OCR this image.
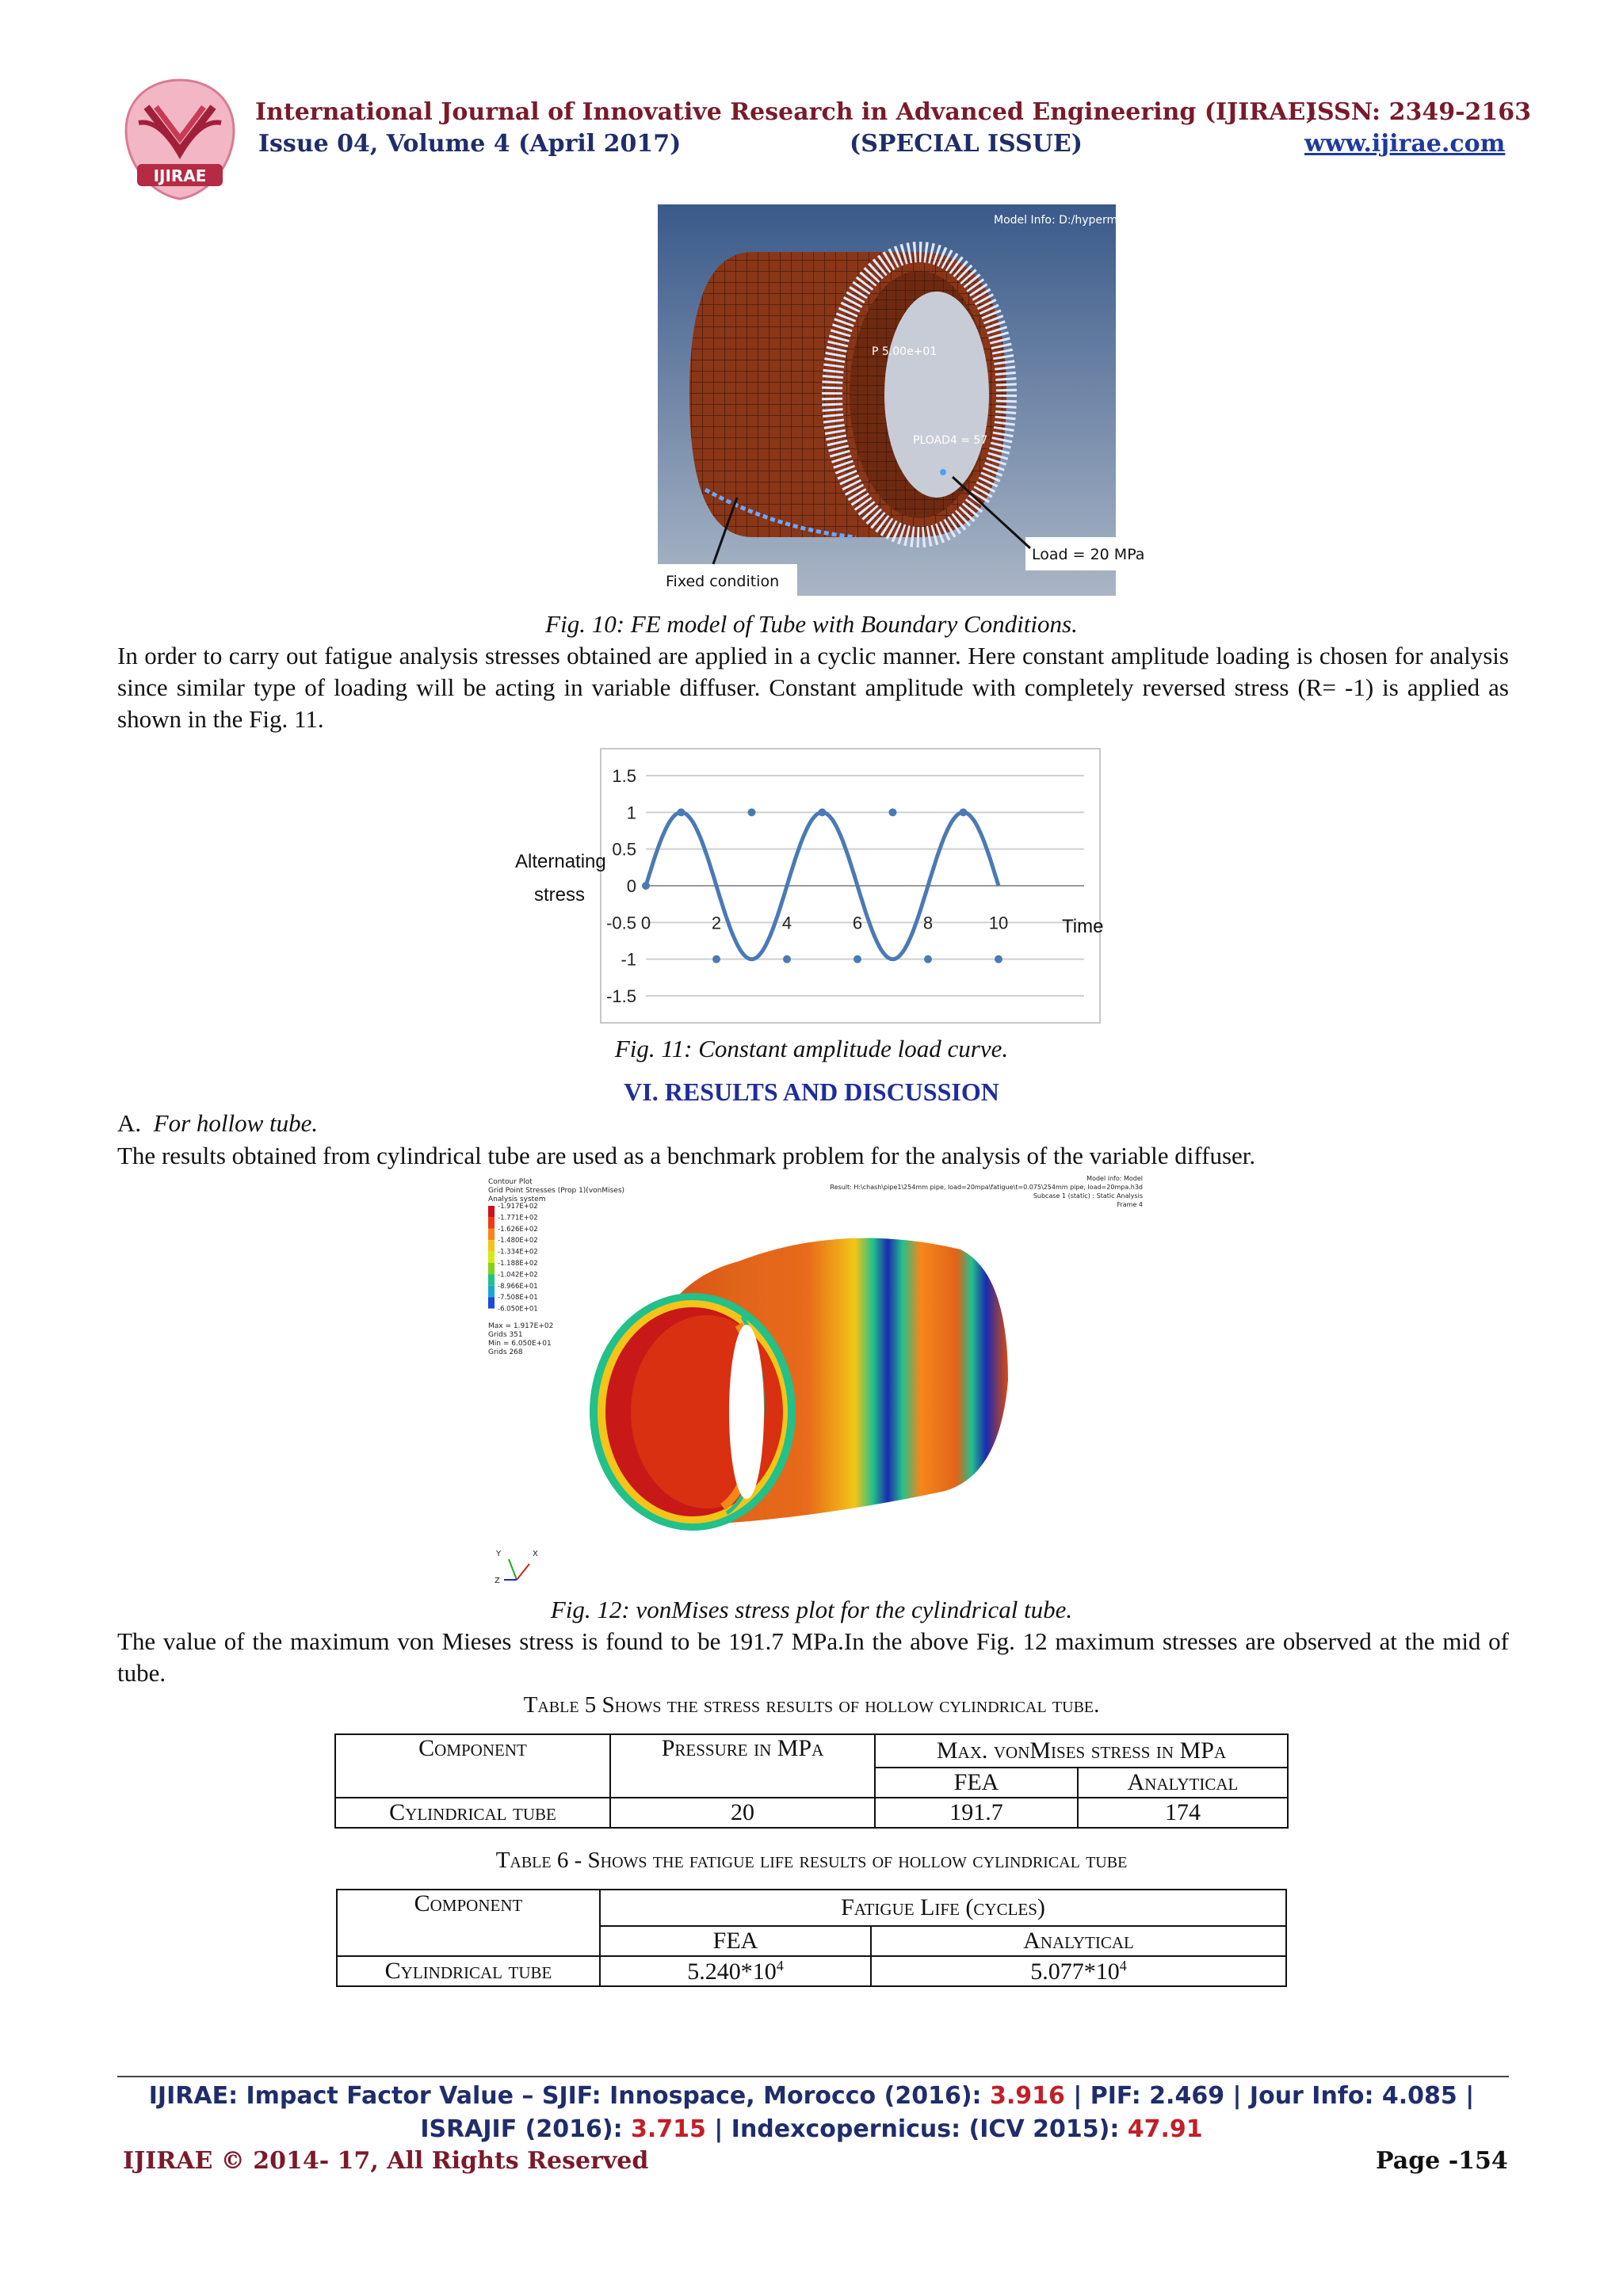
IJIRAE
International Journal of Innovative Research in Advanced Engineering (IJIRAE)
ISSN: 2349-2163
Issue 04, Volume 4 (April 2017)	(SPECIAL ISSUE)	www.ijirae.com
Model Info: D:/hyperme
P 5.00e+01
PLOAD4 = 57
Fixed condition
Load = 20 MPa
Fig. 10: FE model of Tube with Boundary Conditions.
In order to carry out fatigue analysis stresses obtained are applied in a cyclic manner. Here constant amplitude loading is chosen for analysis since similar type of loading will be acting in variable diffuser. Constant amplitude with completely reversed stress (R= -1) is applied as shown in the Fig. 11.
1.5
1
0.5
0
-0.5
-1
-1.5
0	2	4	6	8	10
Alternating
stress
Time
Fig. 11: Constant amplitude load curve.
VI. RESULTS AND DISCUSSION
A. For hollow tube.
The results obtained from cylindrical tube are used as a benchmark problem for the analysis of the variable diffuser.
Contour Plot
Grid Point Stresses (Prop 1)(vonMises)
Analysis system
-1.917E+02
-1.771E+02
-1.626E+02
-1.480E+02
-1.334E+02
-1.188E+02
-1.042E+02
-8.966E+01
-7.508E+01
-6.050E+01
Max = 1.917E+02
Grids 351
Min = 6.050E+01
Grids 268
Model info: Model
Result: H:\chash\pipe1\254mm pipe, load=20mpa\fatigue\t=0.075\254mm pipe, load=20mpa.h3d
Subcase 1 (static) : Static Analysis
Frame 4
Y	X
Z
Fig. 12: vonMises stress plot for the cylindrical tube.
The value of the maximum von Mieses stress is found to be 191.7 MPa.In the above Fig. 12 maximum stresses are observed at the mid of tube.
Table 5 Shows the stress results of hollow cylindrical tube.
Component	Pressure in MPa	Max. vonMises stress in MPa	
		FEA	Analytical
Cylindrical tube	20	191.7	174
Table 6 - Shows the fatigue life results of hollow cylindrical tube
Component	Fatigue Life (cycles)	
	FEA	Analytical
Cylindrical tube	$5.240*10^4$	$5.077*10^4$
IJIRAE: Impact Factor Value – SJIF: Innospace, Morocco (2016): 3.916 | PIF: 2.469 | Jour Info: 4.085 |
ISRAJIF (2016): 3.715 | Indexcopernicus: (ICV 2015): 47.91
IJIRAE © 2014- 17, All Rights Reserved	Page -154
